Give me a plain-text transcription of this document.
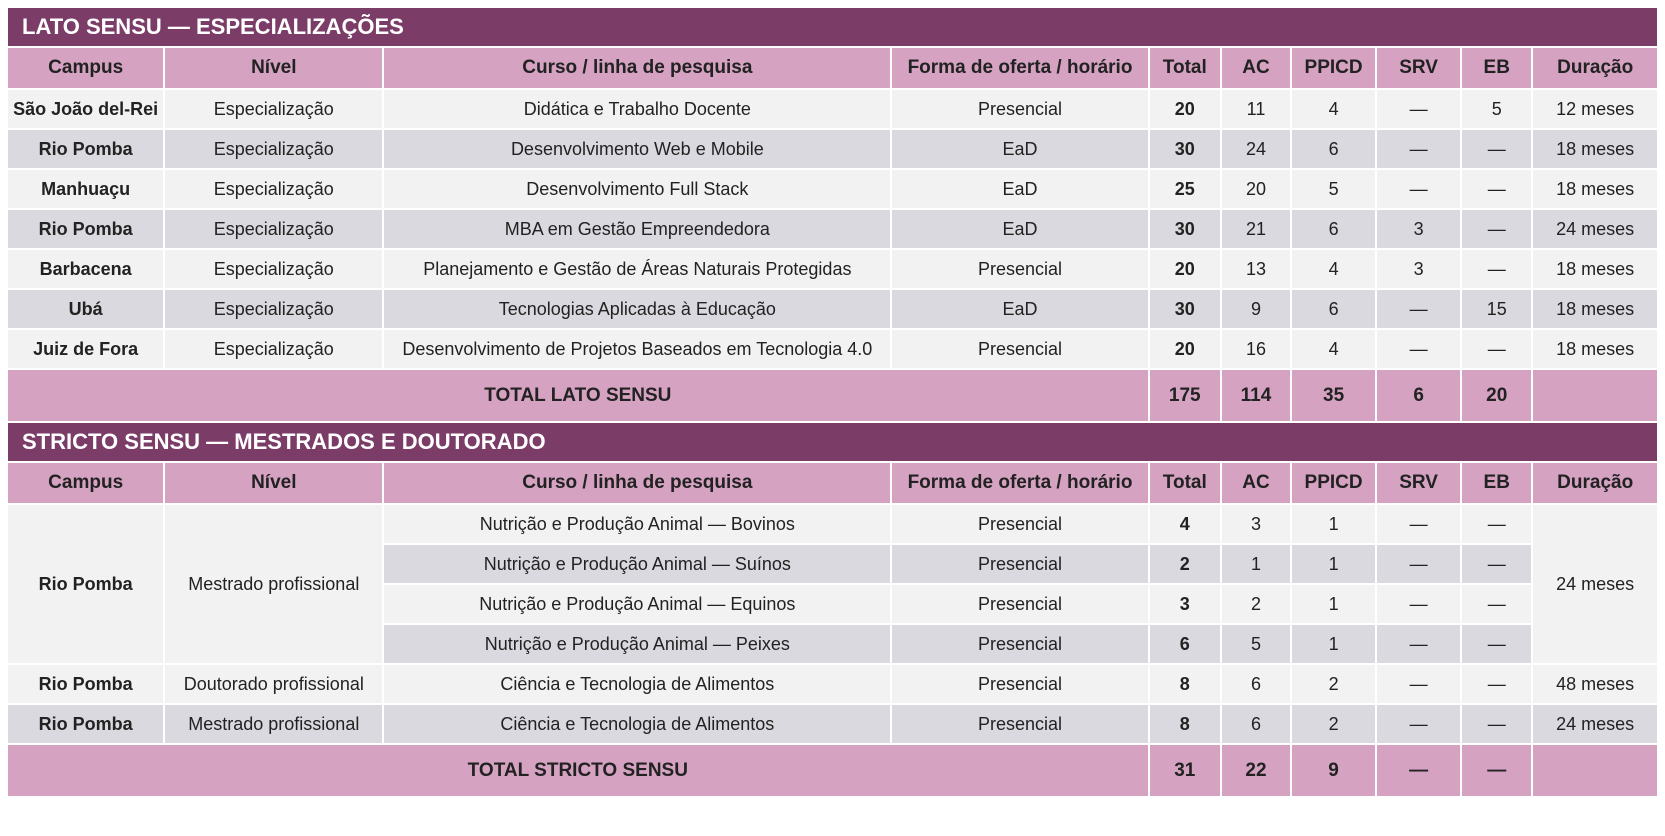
LATO SENSU — ESPECIALIZAÇÕES									
Campus	Nível	Curso / linha de pesquisa	Forma de oferta / horário	Total	AC	PPICD	SRV	EB	Duração
São João del-Rei	Especialização	Didática e Trabalho Docente	Presencial	20	11	4	—	5	12 meses
Rio Pomba	Especialização	Desenvolvimento Web e Mobile	EaD	30	24	6	—	—	18 meses
Manhuaçu	Especialização	Desenvolvimento Full Stack	EaD	25	20	5	—	—	18 meses
Rio Pomba	Especialização	MBA em Gestão Empreendedora	EaD	30	21	6	3	—	24 meses
Barbacena	Especialização	Planejamento e Gestão de Áreas Naturais Protegidas	Presencial	20	13	4	3	—	18 meses
Ubá	Especialização	Tecnologias Aplicadas à Educação	EaD	30	9	6	—	15	18 meses
Juiz de Fora	Especialização	Desenvolvimento de Projetos Baseados em Tecnologia 4.0	Presencial	20	16	4	—	—	18 meses
TOTAL LATO SENSU				175	114	35	6	20	
STRICTO SENSU — MESTRADOS E DOUTORADO									
Campus	Nível	Curso / linha de pesquisa	Forma de oferta / horário	Total	AC	PPICD	SRV	EB	Duração
Rio Pomba	Mestrado profissional	Nutrição e Produção Animal — Bovinos	Presencial	4	3	1	—	—	24 meses
		Nutrição e Produção Animal — Suínos	Presencial	2	1	1	—	—	
		Nutrição e Produção Animal — Equinos	Presencial	3	2	1	—	—	
		Nutrição e Produção Animal — Peixes	Presencial	6	5	1	—	—	
Rio Pomba	Doutorado profissional	Ciência e Tecnologia de Alimentos	Presencial	8	6	2	—	—	48 meses
Rio Pomba	Mestrado profissional	Ciência e Tecnologia de Alimentos	Presencial	8	6	2	—	—	24 meses
TOTAL STRICTO SENSU				31	22	9	—	—	
